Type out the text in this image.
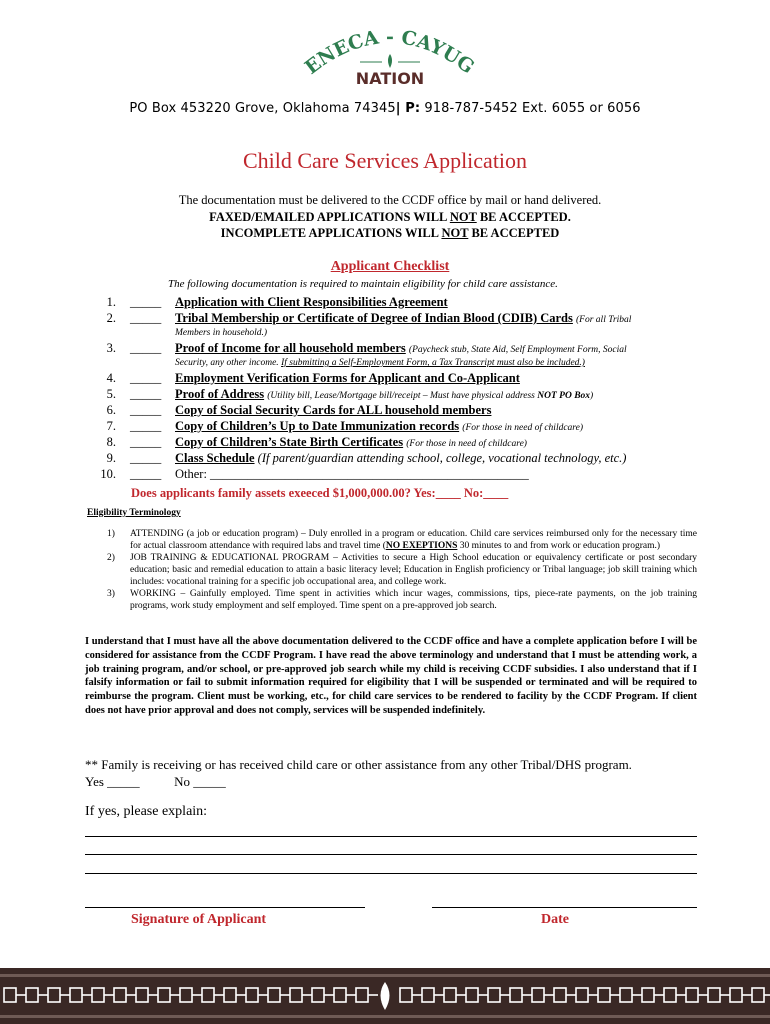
ENECA - CAYUG
NATION
PO Box 453220 Grove, Oklahoma 74345| P: 918-787-5452 Ext. 6055 or 6056
Child Care Services Application
The documentation must be delivered to the CCDF office by mail or hand delivered.
FAXED/EMAILED APPLICATIONS WILL NOT BE ACCEPTED.
INCOMPLETE APPLICATIONS WILL NOT BE ACCEPTED
Applicant Checklist
The following documentation is required to maintain eligibility for child care assistance.
1. _____ Application with Client Responsibilities Agreement
2. _____ Tribal Membership or Certificate of Degree of Indian Blood (CDIB) Cards (For all Tribal
Members in household.)
3. _____ Proof of Income for all household members (Paycheck stub, State Aid, Self Employment Form, Social
Security, any other income. If submitting a Self-Employment Form, a Tax Transcript must also be included.)
4. _____ Employment Verification Forms for Applicant and Co-Applicant
5. _____ Proof of Address (Utility bill, Lease/Mortgage bill/receipt – Must have physical address NOT PO Box)
6. _____ Copy of Social Security Cards for ALL household members
7. _____ Copy of Children’s Up to Date Immunization records (For those in need of childcare)
8. _____ Copy of Children’s State Birth Certificates (For those in need of childcare)
9. _____ Class Schedule (If parent/guardian attending school, college, vocational technology, etc.)
10. _____ Other: ___________________________________________________
Does applicants family assets exeeced $1,000,000.00? Yes:____ No:____
Eligibility Terminology
1) ATTENDING (a job or education program) – Duly enrolled in a program or education. Child care services reimbursed only for the necessary time for actual classroom attendance with required labs and travel time (NO EXEPTIONS 30 minutes to and from work or education program.)
2) JOB TRAINING & EDUCATIONAL PROGRAM – Activities to secure a High School education or equivalency certificate or post secondary education; basic and remedial education to attain a basic literacy level; Education in English proficiency or Tribal language; job skill training which includes: vocational training for a specific job occupational area, and college work.
3) WORKING – Gainfully employed. Time spent in activities which incur wages, commissions, tips, piece-rate payments, on the job training programs, work study employment and self employed. Time spent on a pre-approved job search.
I understand that I must have all the above documentation delivered to the CCDF office and have a complete application before I will be considered for assistance from the CCDF Program. I have read the above terminology and understand that I must be attending work, a job training program, and/or school, or pre-approved job search while my child is receiving CCDF subsidies. I also understand that if I falsify information or fail to submit information required for eligibility that I will be suspended or terminated and will be required to reimburse the program. Client must be working, etc., for child care services to be rendered to facility by the CCDF Program. If client does not have prior approval and does not comply, services will be suspended indefinitely.
** Family is receiving or has received child care or other assistance from any other Tribal/DHS program.
Yes _____	No _____
If yes, please explain:
Signature of Applicant	Date
